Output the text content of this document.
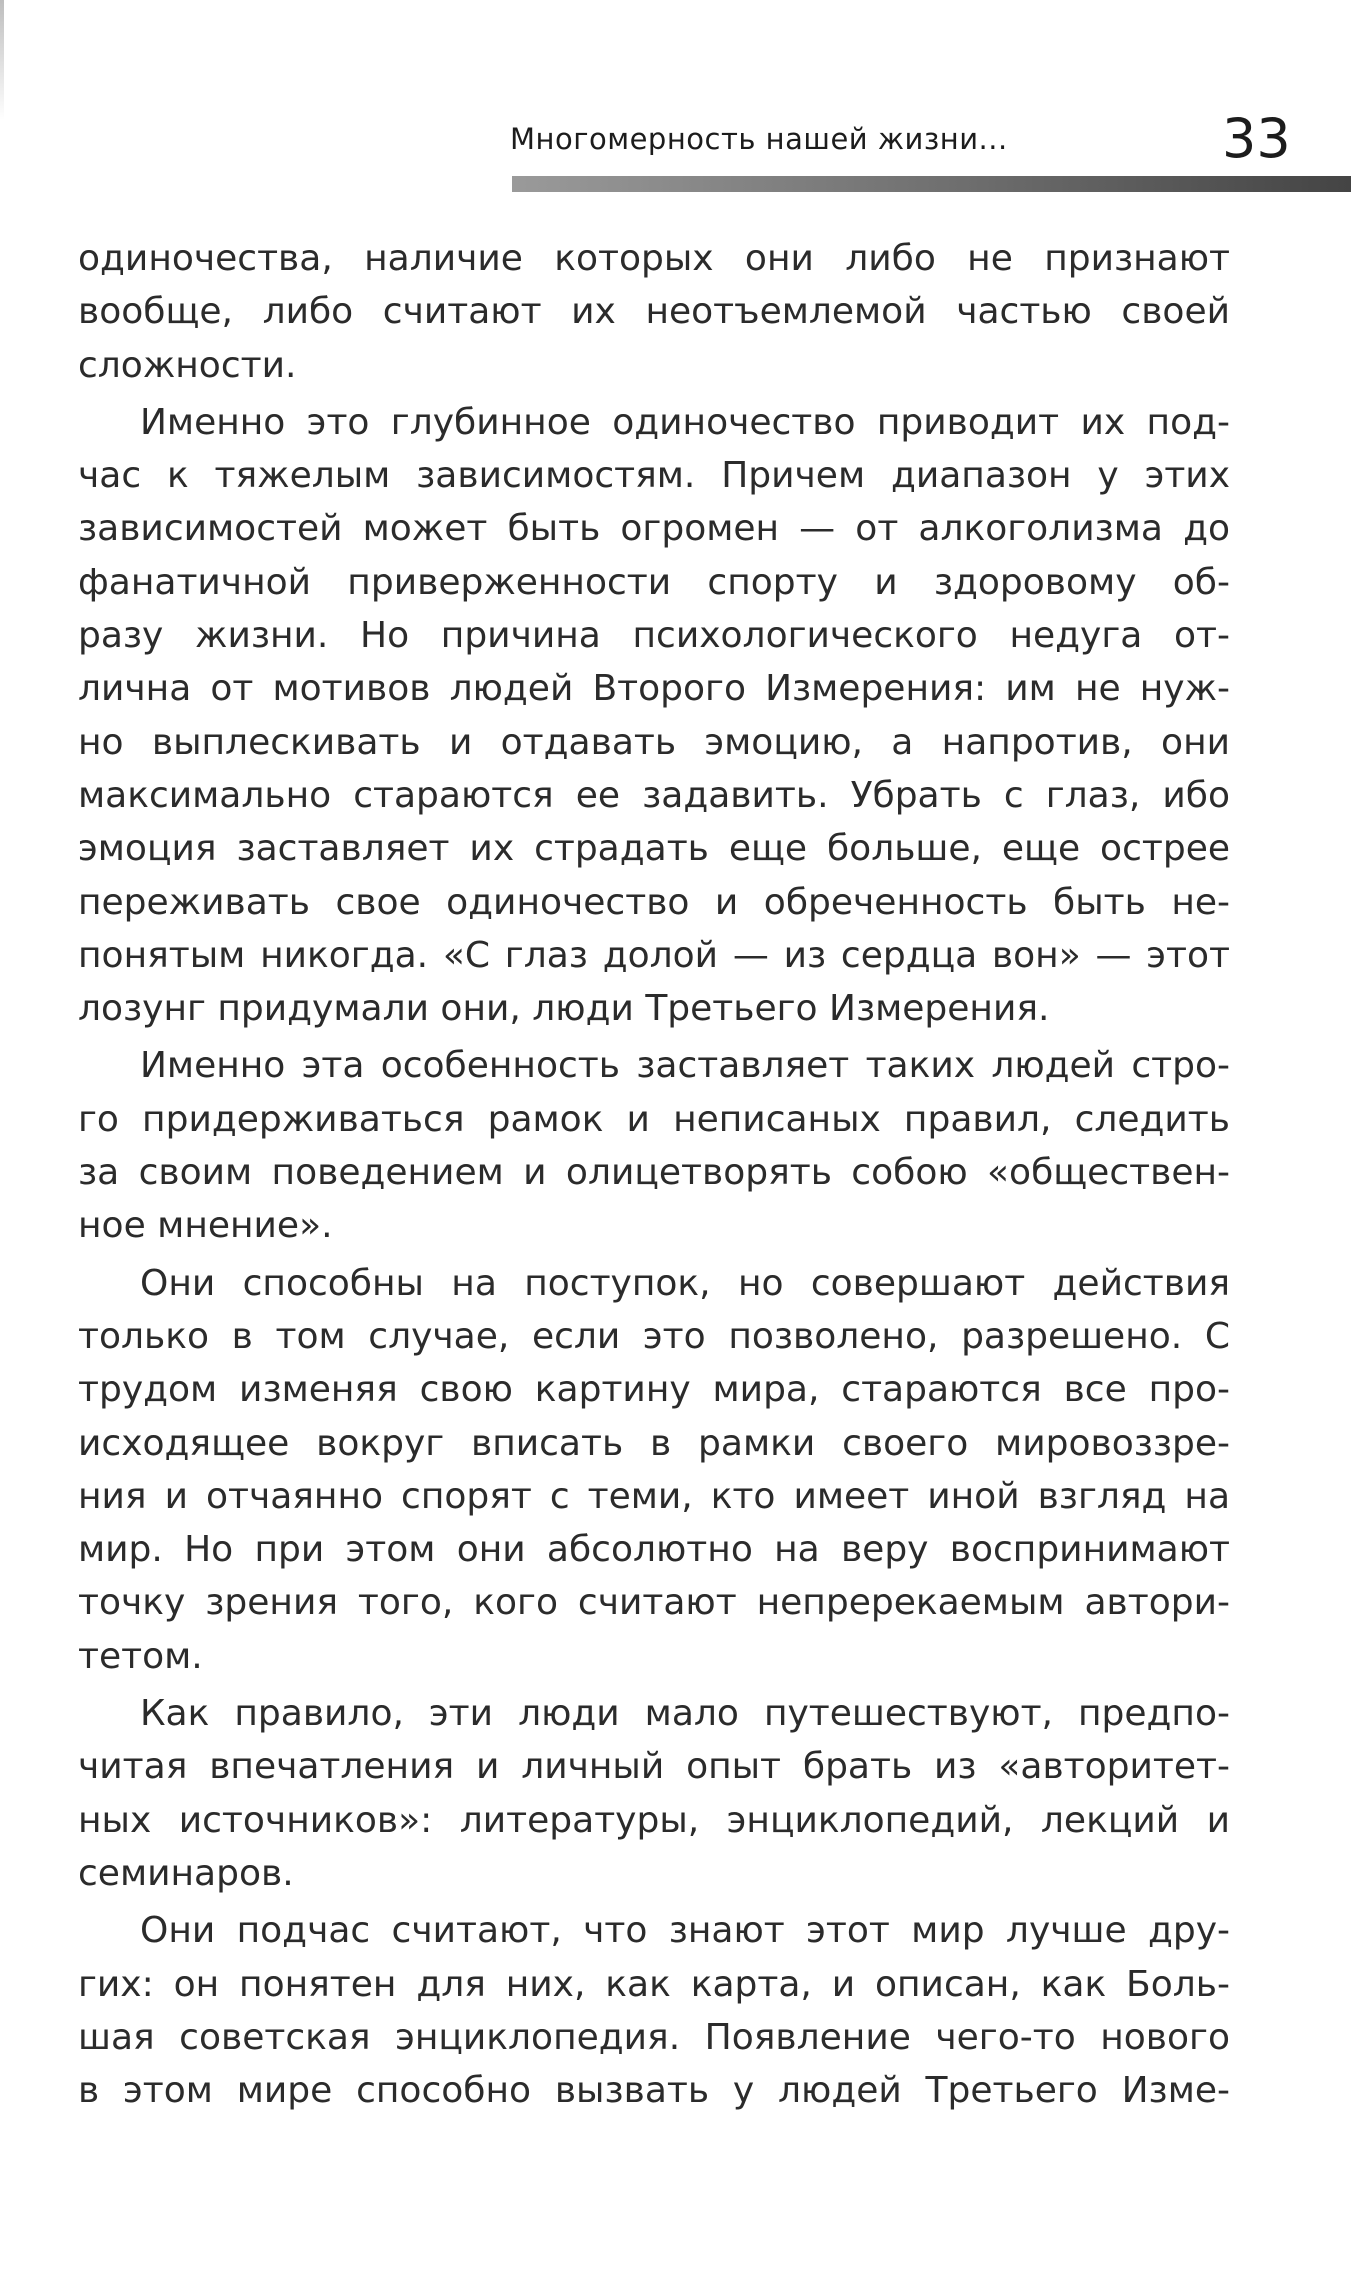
Многомерность нашей жизни...	33
одиночества, наличие которых они либо не признают
вообще, либо считают их неотъемлемой частью своей
сложности.
Именно это глубинное одиночество приводит их под-
час к тяжелым зависимостям. Причем диапазон у этих
зависимостей может быть огромен — от алкоголизма до
фанатичной приверженности спорту и здоровому об-
разу жизни. Но причина психологического недуга от-
лична от мотивов людей Второго Измерения: им не нуж-
но выплескивать и отдавать эмоцию, а напротив, они
максимально стараются ее задавить. Убрать с глаз, ибо
эмоция заставляет их страдать еще больше, еще острее
переживать свое одиночество и обреченность быть не-
понятым никогда. «С глаз долой — из сердца вон» — этот
лозунг придумали они, люди Третьего Измерения.
Именно эта особенность заставляет таких людей стро-
го придерживаться рамок и неписаных правил, следить
за своим поведением и олицетворять собою «обществен-
ное мнение».
Они способны на поступок, но совершают действия
только в том случае, если это позволено, разрешено. С
трудом изменяя свою картину мира, стараются все про-
исходящее вокруг вписать в рамки своего мировоззре-
ния и отчаянно спорят с теми, кто имеет иной взгляд на
мир. Но при этом они абсолютно на веру воспринимают
точку зрения того, кого считают непререкаемым автори-
тетом.
Как правило, эти люди мало путешествуют, предпо-
читая впечатления и личный опыт брать из «авторитет-
ных источников»: литературы, энциклопедий, лекций и
семинаров.
Они подчас считают, что знают этот мир лучше дру-
гих: он понятен для них, как карта, и описан, как Боль-
шая советская энциклопедия. Появление чего-то нового
в этом мире способно вызвать у людей Третьего Изме-
